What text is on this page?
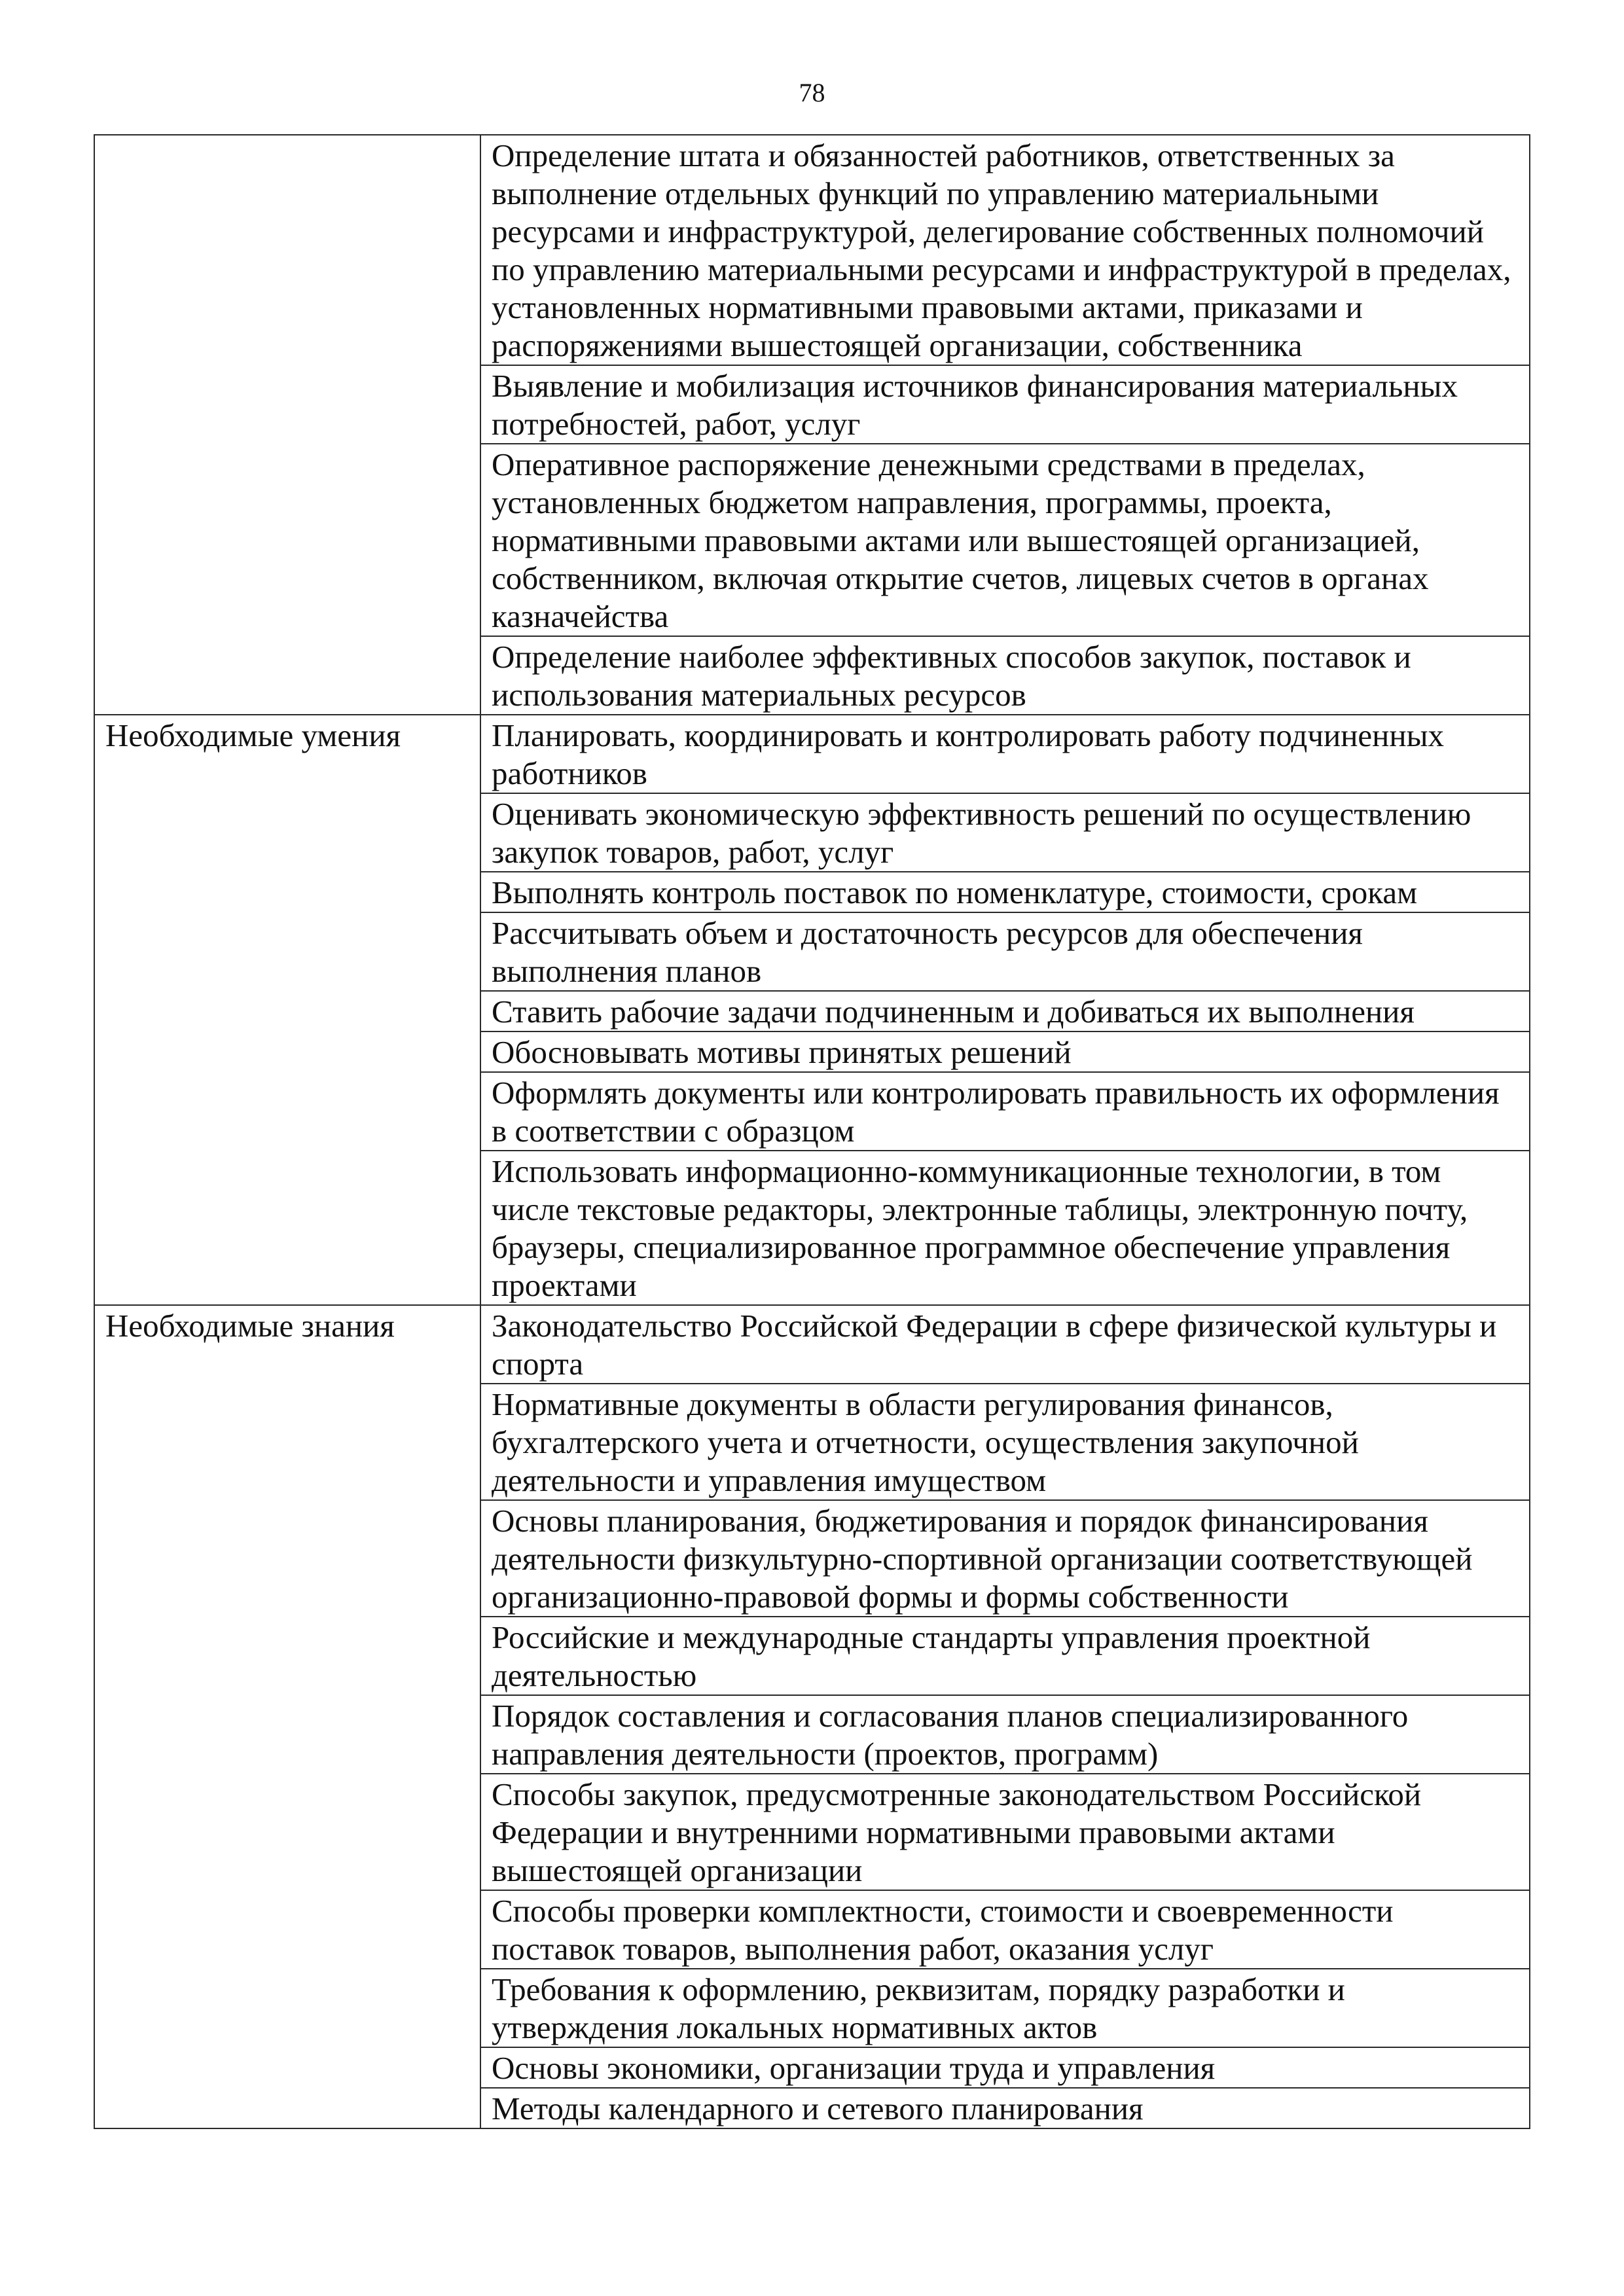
78
	Определение штата и обязанностей работников, ответственных за выполнение отдельных функций по управлению материальными ресурсами и инфраструктурой, делегирование собственных полномочий по управлению материальными ресурсами и инфраструктурой в пределах, установленных нормативными правовыми актами, приказами и распоряжениями вышестоящей организации, собственника
	Выявление и мобилизация источников финансирования материальных потребностей, работ, услуг
	Оперативное распоряжение денежными средствами в пределах, установленных бюджетом направления, программы, проекта, нормативными правовыми актами или вышестоящей организацией, собственником, включая открытие счетов, лицевых счетов в органах казначейства
	Определение наиболее эффективных способов закупок, поставок и использования материальных ресурсов
Необходимые умения	Планировать, координировать и контролировать работу подчиненных работников
	Оценивать экономическую эффективность решений по осуществлению закупок товаров, работ, услуг
	Выполнять контроль поставок по номенклатуре, стоимости, срокам
	Рассчитывать объем и достаточность ресурсов для обеспечения выполнения планов
	Ставить рабочие задачи подчиненным и добиваться их выполнения
	Обосновывать мотивы принятых решений
	Оформлять документы или контролировать правильность их оформления в соответствии с образцом
	Использовать информационно-коммуникационные технологии, в том числе текстовые редакторы, электронные таблицы, электронную почту, браузеры, специализированное программное обеспечение управления проектами
Необходимые знания	Законодательство Российской Федерации в сфере физической культуры и спорта
	Нормативные документы в области регулирования финансов, бухгалтерского учета и отчетности, осуществления закупочной деятельности и управления имуществом
	Основы планирования, бюджетирования и порядок финансирования деятельности физкультурно-спортивной организации соответствующей организационно-правовой формы и формы собственности
	Российские и международные стандарты управления проектной деятельностью
	Порядок составления и согласования планов специализированного направления деятельности (проектов, программ)
	Способы закупок, предусмотренные законодательством Российской Федерации и внутренними нормативными правовыми актами вышестоящей организации
	Способы проверки комплектности, стоимости и своевременности поставок товаров, выполнения работ, оказания услуг
	Требования к оформлению, реквизитам, порядку разработки и утверждения локальных нормативных актов
	Основы экономики, организации труда и управления
	Методы календарного и сетевого планирования
